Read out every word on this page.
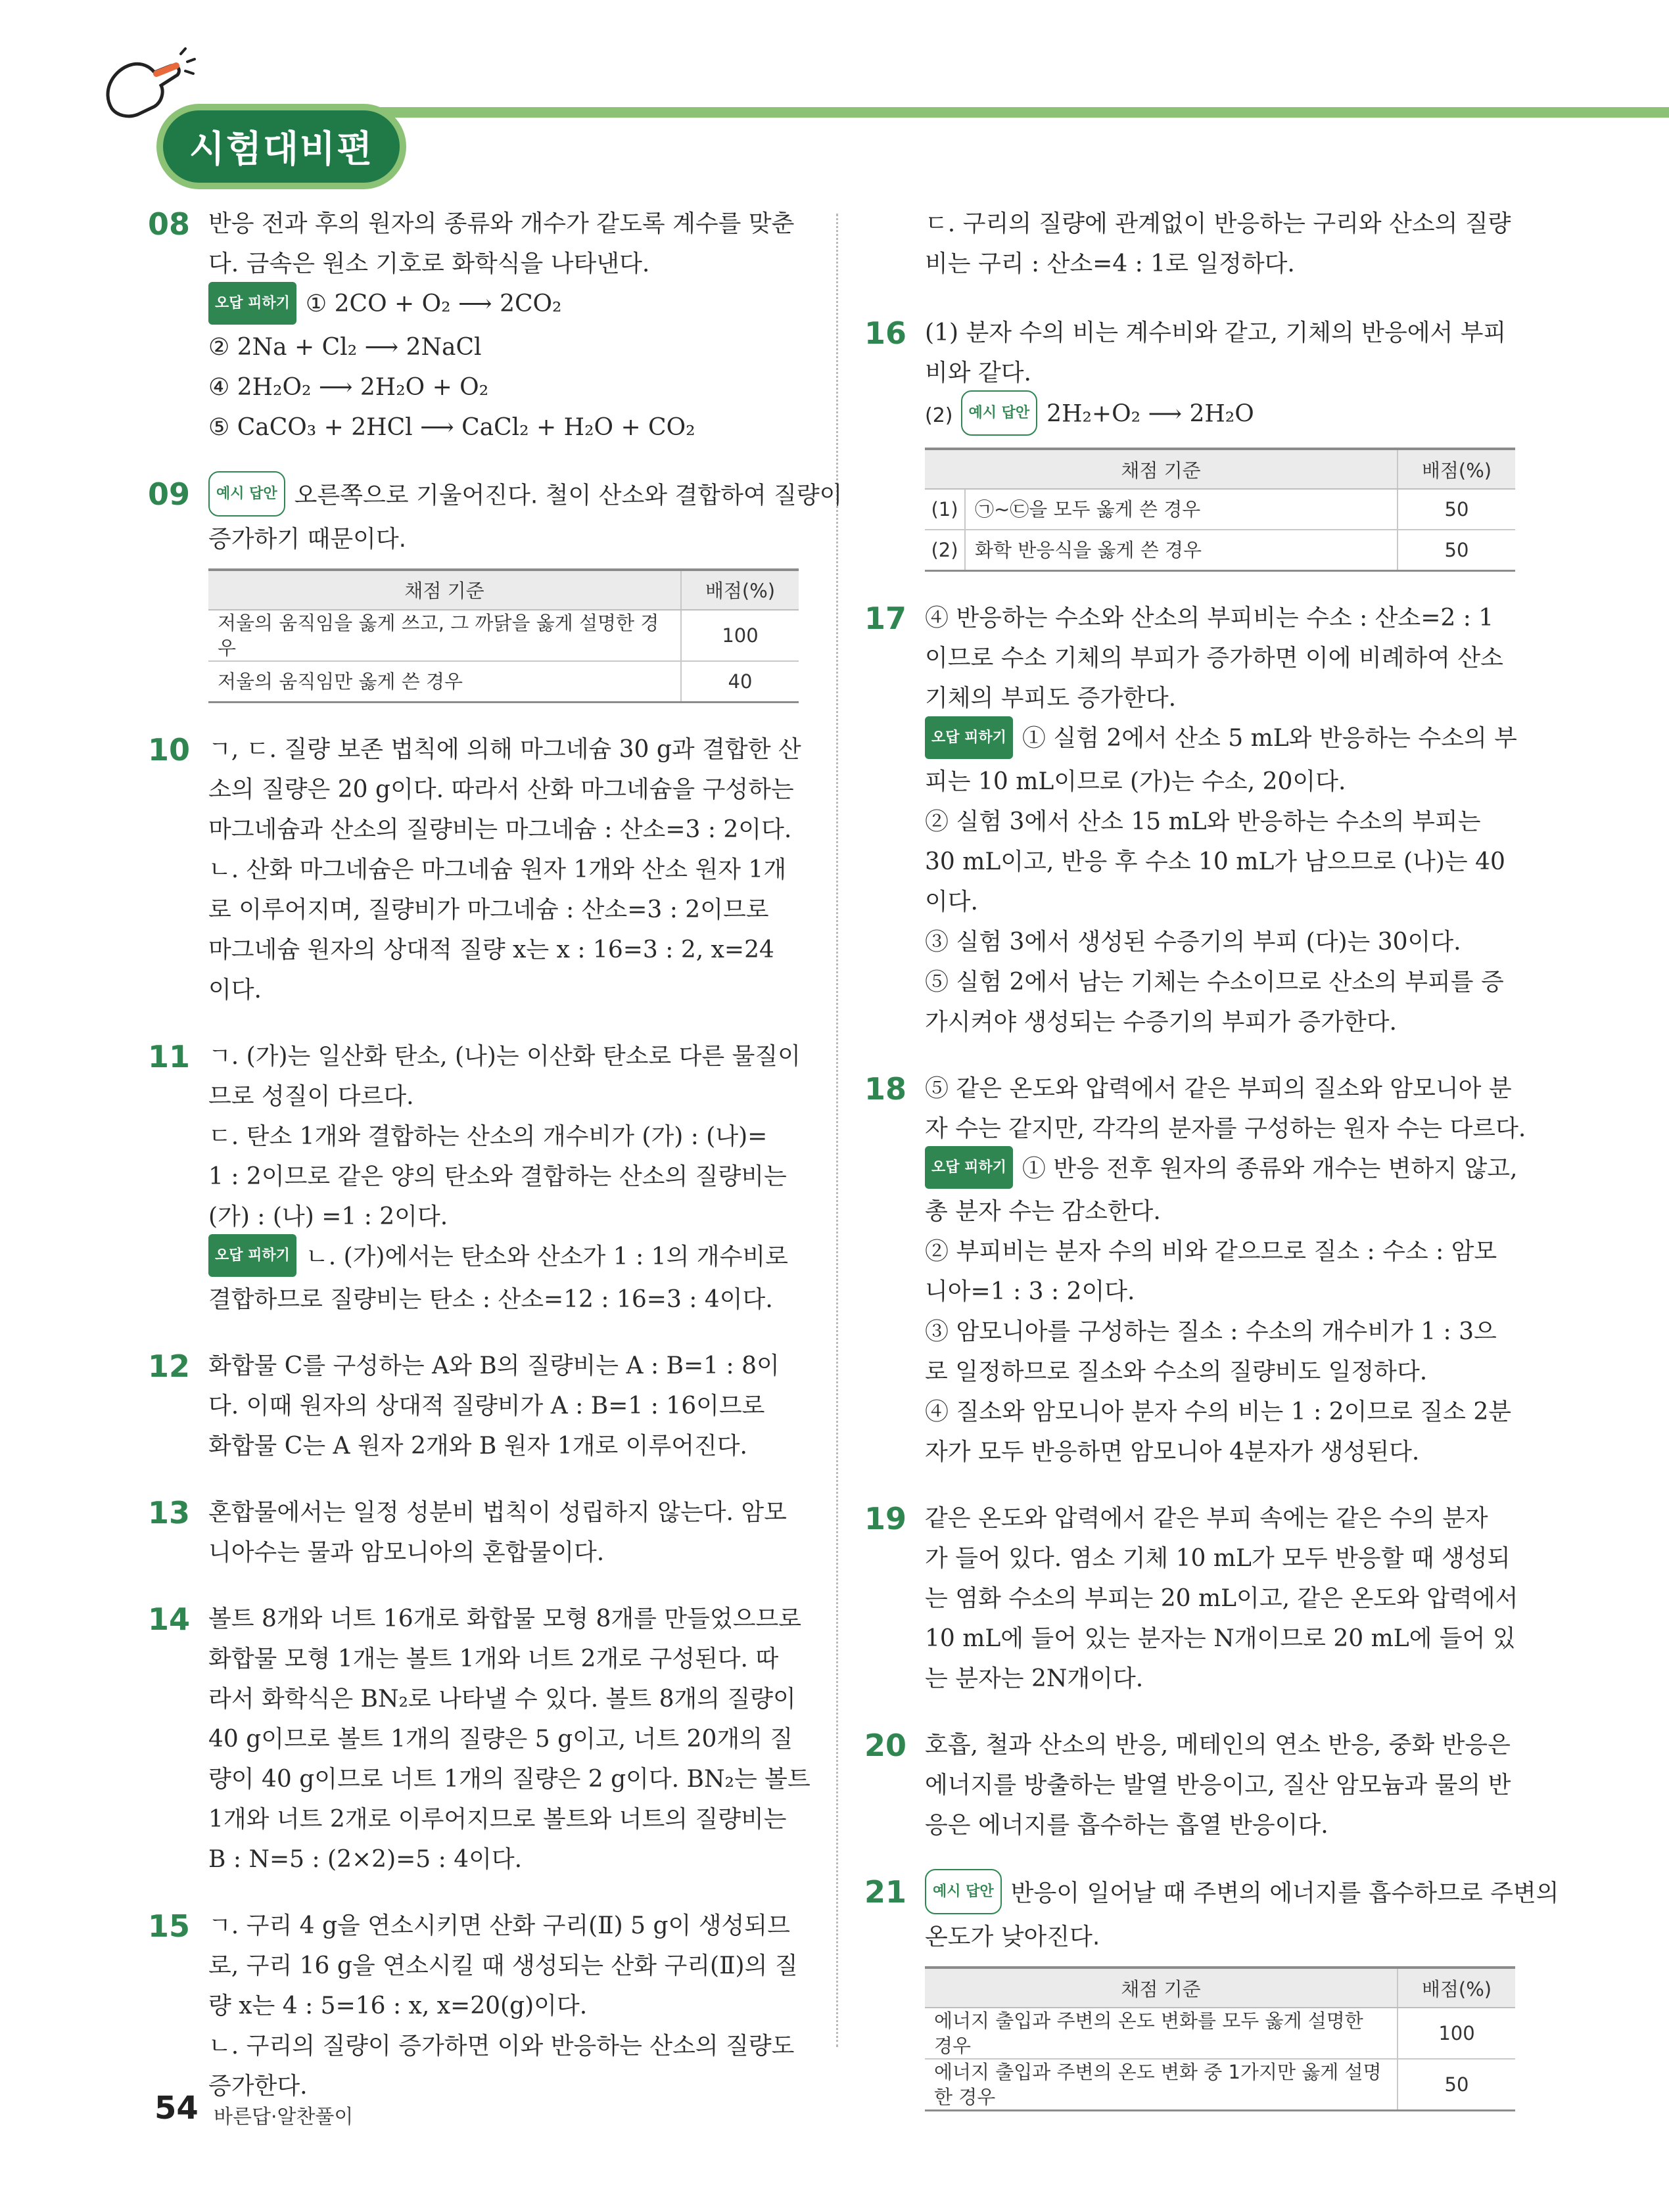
시험대비편
08 반응 전과 후의 원자의 종류와 개수가 같도록 계수를 맞춘
다. 금속은 원소 기호로 화학식을 나타낸다.
오답 피하기 ① 2CO + O₂ ⟶ 2CO₂
② 2Na + Cl₂ ⟶ 2NaCl
④ 2H₂O₂ ⟶ 2H₂O + O₂
⑤ CaCO₃ + 2HCl ⟶ CaCl₂ + H₂O + CO₂
09	예시 답안 오른쪽으로 기울어진다. 철이 산소와 결합하여 질량이
증가하기 때문이다.
채점 기준	배점(%)
저울의 움직임을 옳게 쓰고, 그 까닭을 옳게 설명한 경우	100
저울의 움직임만 옳게 쓴 경우	40
10 ㄱ, ㄷ. 질량 보존 법칙에 의해 마그네슘 30 g과 결합한 산
소의 질량은 20 g이다. 따라서 산화 마그네슘을 구성하는
마그네슘과 산소의 질량비는 마그네슘 : 산소=3 : 2이다.
ㄴ. 산화 마그네슘은 마그네슘 원자 1개와 산소 원자 1개
로 이루어지며, 질량비가 마그네슘 : 산소=3 : 2이므로
마그네슘 원자의 상대적 질량 x는 x : 16=3 : 2, x=24
이다.
11 ㄱ. (가)는 일산화 탄소, (나)는 이산화 탄소로 다른 물질이
므로 성질이 다르다.
ㄷ. 탄소 1개와 결합하는 산소의 개수비가 (가) : (나)=
1 : 2이므로 같은 양의 탄소와 결합하는 산소의 질량비는
(가) : (나) =1 : 2이다.
오답 피하기 ㄴ. (가)에서는 탄소와 산소가 1 : 1의 개수비로
결합하므로 질량비는 탄소 : 산소=12 : 16=3 : 4이다.
12 화합물 C를 구성하는 A와 B의 질량비는 A : B=1 : 8이
다. 이때 원자의 상대적 질량비가 A : B=1 : 16이므로
화합물 C는 A 원자 2개와 B 원자 1개로 이루어진다.
13 혼합물에서는 일정 성분비 법칙이 성립하지 않는다. 암모
니아수는 물과 암모니아의 혼합물이다.
14 볼트 8개와 너트 16개로 화합물 모형 8개를 만들었으므로
화합물 모형 1개는 볼트 1개와 너트 2개로 구성된다. 따
라서 화학식은 BN₂로 나타낼 수 있다. 볼트 8개의 질량이
40 g이므로 볼트 1개의 질량은 5 g이고, 너트 20개의 질
량이 40 g이므로 너트 1개의 질량은 2 g이다. BN₂는 볼트
1개와 너트 2개로 이루어지므로 볼트와 너트의 질량비는
B : N=5 : (2×2)=5 : 4이다.
15 ㄱ. 구리 4 g을 연소시키면 산화 구리(Ⅱ) 5 g이 생성되므
로, 구리 16 g을 연소시킬 때 생성되는 산화 구리(Ⅱ)의 질
량 x는 4 : 5=16 : x, x=20(g)이다.
ㄴ. 구리의 질량이 증가하면 이와 반응하는 산소의 질량도
증가한다.
ㄷ. 구리의 질량에 관계없이 반응하는 구리와 산소의 질량
비는 구리 : 산소=4 : 1로 일정하다.
16 (1) 분자 수의 비는 계수비와 같고, 기체의 반응에서 부피
비와 같다.
(2) 예시 답안 2H₂+O₂ ⟶ 2H₂O
채점 기준		배점(%)
(1)	㉠~㉢을 모두 옳게 쓴 경우	50
(2)	화학 반응식을 옳게 쓴 경우	50
17 ④ 반응하는 수소와 산소의 부피비는 수소 : 산소=2 : 1
이므로 수소 기체의 부피가 증가하면 이에 비례하여 산소
기체의 부피도 증가한다.
오답 피하기 ① 실험 2에서 산소 5 mL와 반응하는 수소의 부
피는 10 mL이므로 (가)는 수소, 20이다.
② 실험 3에서 산소 15 mL와 반응하는 수소의 부피는
30 mL이고, 반응 후 수소 10 mL가 남으므로 (나)는 40
이다.
③ 실험 3에서 생성된 수증기의 부피 (다)는 30이다.
⑤ 실험 2에서 남는 기체는 수소이므로 산소의 부피를 증
가시켜야 생성되는 수증기의 부피가 증가한다.
18 ⑤ 같은 온도와 압력에서 같은 부피의 질소와 암모니아 분
자 수는 같지만, 각각의 분자를 구성하는 원자 수는 다르다.
오답 피하기 ① 반응 전후 원자의 종류와 개수는 변하지 않고,
총 분자 수는 감소한다.
② 부피비는 분자 수의 비와 같으므로 질소 : 수소 : 암모
니아=1 : 3 : 2이다.
③ 암모니아를 구성하는 질소 : 수소의 개수비가 1 : 3으
로 일정하므로 질소와 수소의 질량비도 일정하다.
④ 질소와 암모니아 분자 수의 비는 1 : 2이므로 질소 2분
자가 모두 반응하면 암모니아 4분자가 생성된다.
19 같은 온도와 압력에서 같은 부피 속에는 같은 수의 분자
가 들어 있다. 염소 기체 10 mL가 모두 반응할 때 생성되
는 염화 수소의 부피는 20 mL이고, 같은 온도와 압력에서
10 mL에 들어 있는 분자는 N개이므로 20 mL에 들어 있
는 분자는 2N개이다.
20 호흡, 철과 산소의 반응, 메테인의 연소 반응, 중화 반응은
에너지를 방출하는 발열 반응이고, 질산 암모늄과 물의 반
응은 에너지를 흡수하는 흡열 반응이다.
21	예시 답안 반응이 일어날 때 주변의 에너지를 흡수하므로 주변의
온도가 낮아진다.
채점 기준	배점(%)
에너지 출입과 주변의 온도 변화를 모두 옳게 설명한 경우	100
에너지 출입과 주변의 온도 변화 중 1가지만 옳게 설명한 경우	50
54 바른답·알찬풀이
